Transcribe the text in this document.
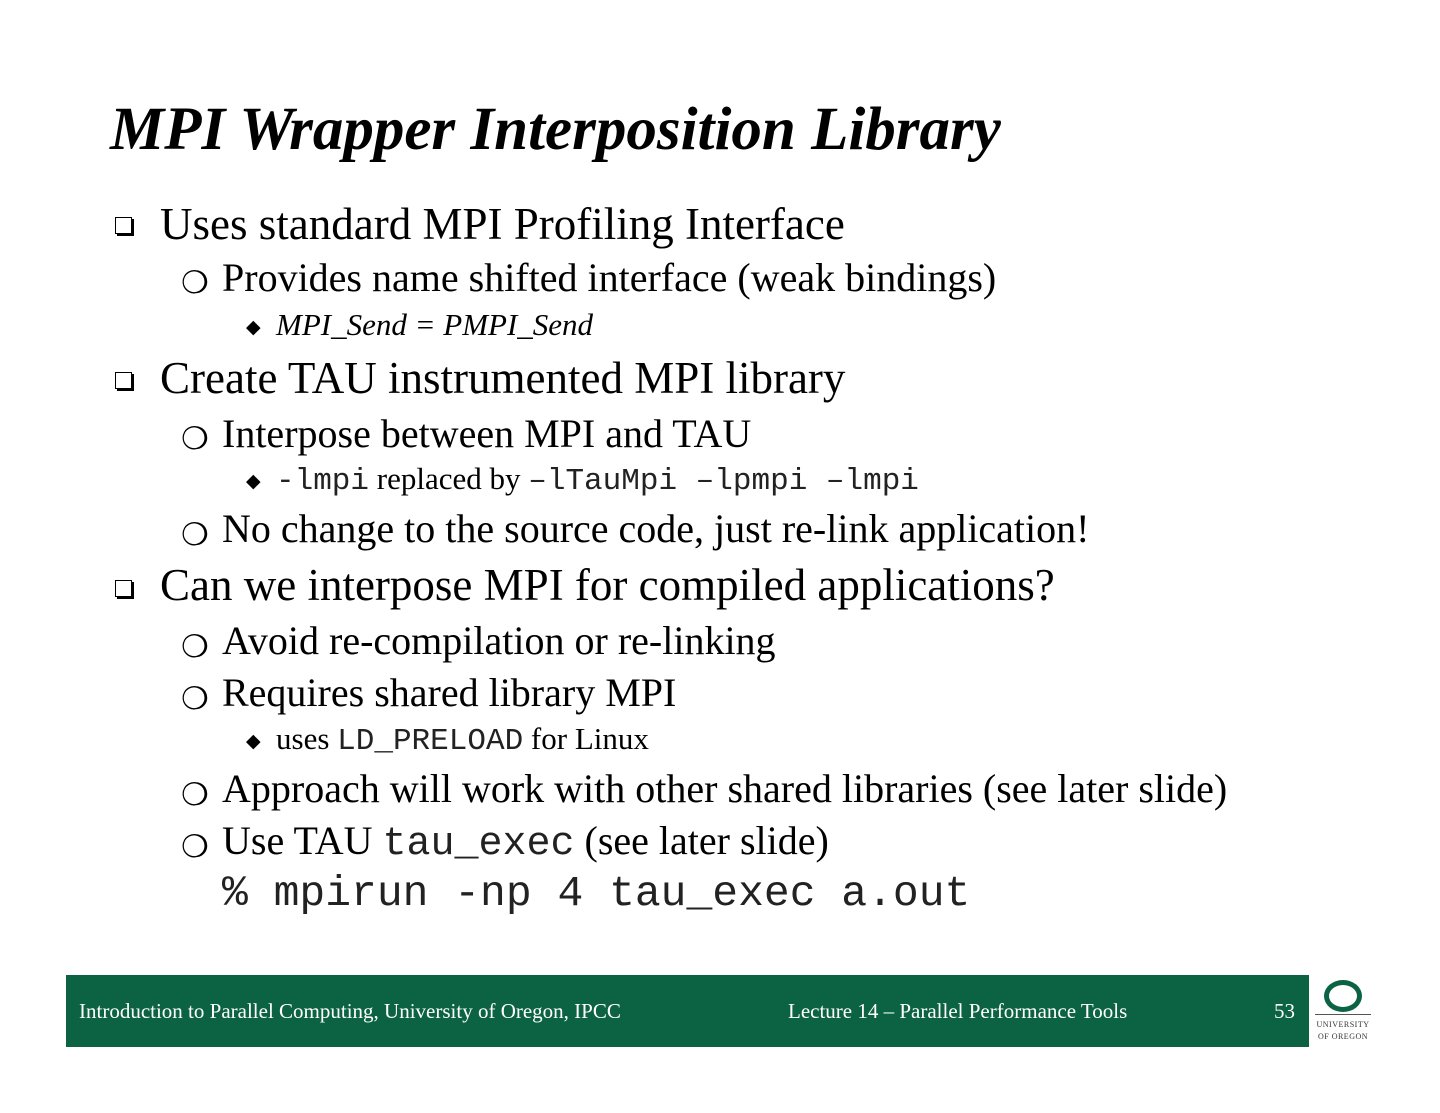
MPI Wrapper Interposition Library
Uses standard MPI Profiling Interface
❍ Provides name shifted interface (weak bindings)
◆ MPI_Send = PMPI_Send
Create TAU instrumented MPI library
❍ Interpose between MPI and TAU
◆ -lmpi replaced by –lTauMpi –lpmpi –lmpi
❍ No change to the source code, just re-link application!
Can we interpose MPI for compiled applications?
❍ Avoid re-compilation or re-linking
❍ Requires shared library MPI
◆ uses LD_PRELOAD for Linux
❍ Approach will work with other shared libraries (see later slide)
❍ Use TAU tau_exec (see later slide)
% mpirun -np 4 tau_exec a.out
Introduction to Parallel Computing, University of Oregon, IPCC	Lecture 14 – Parallel Performance Tools	53
UNIVERSITY
OF OREGON
